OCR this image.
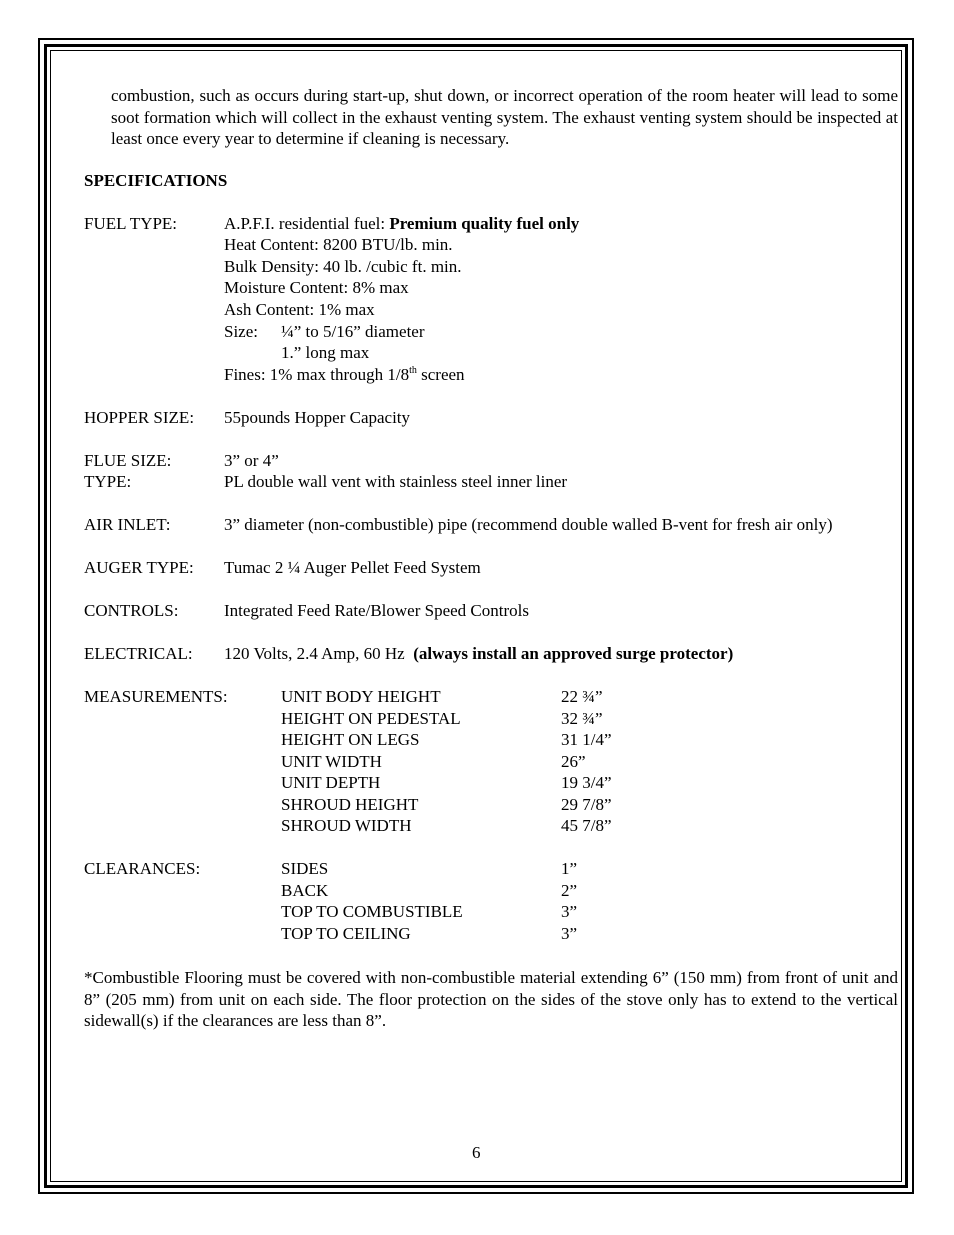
combustion, such as occurs during start-up, shut down, or incorrect operation of the room heater will lead to some soot formation which will collect in the exhaust venting system. The exhaust venting system should be inspected at least once every year to determine if cleaning is necessary.

SPECIFICATIONS
FUEL TYPE:	A.P.F.I. residential fuel: Premium quality fuel only
Heat Content: 8200 BTU/lb. min.
Bulk Density: 40 lb. /cubic ft. min.
Moisture Content: 8% max
Ash Content: 1% max
Size: ¼” to 5/16” diameter
1.” long max
Fines: 1% max through 1/8th screen
HOPPER SIZE: 55pounds Hopper Capacity
FLUE SIZE:	3” or 4”
TYPE:	PL double wall vent with stainless steel inner liner
AIR INLET:	3” diameter (non-combustible) pipe (recommend double walled B-vent for fresh air only)
AUGER TYPE: Tumac 2 ¼ Auger Pellet Feed System
CONTROLS:	Integrated Feed Rate/Blower Speed Controls
ELECTRICAL: 120 Volts, 2.4 Amp, 60 Hz  (always install an approved surge protector)
MEASUREMENTS:	UNIT BODY HEIGHT	22 ¾”
HEIGHT ON PEDESTAL	32 ¾”
HEIGHT ON LEGS	31 1/4”
UNIT WIDTH	26”
UNIT DEPTH	19 3/4”
SHROUD HEIGHT	29 7/8”
SHROUD WIDTH	45 7/8”
CLEARANCES:	SIDES	1”
BACK	2”
TOP TO COMBUSTIBLE	3”
TOP TO CEILING	3”

*Combustible Flooring must be covered with non-combustible material extending 6” (150 mm) from front of unit and 8” (205 mm) from unit on each side. The floor protection on the sides of the stove only has to extend to the vertical sidewall(s) if the clearances are less than 8”.

6
